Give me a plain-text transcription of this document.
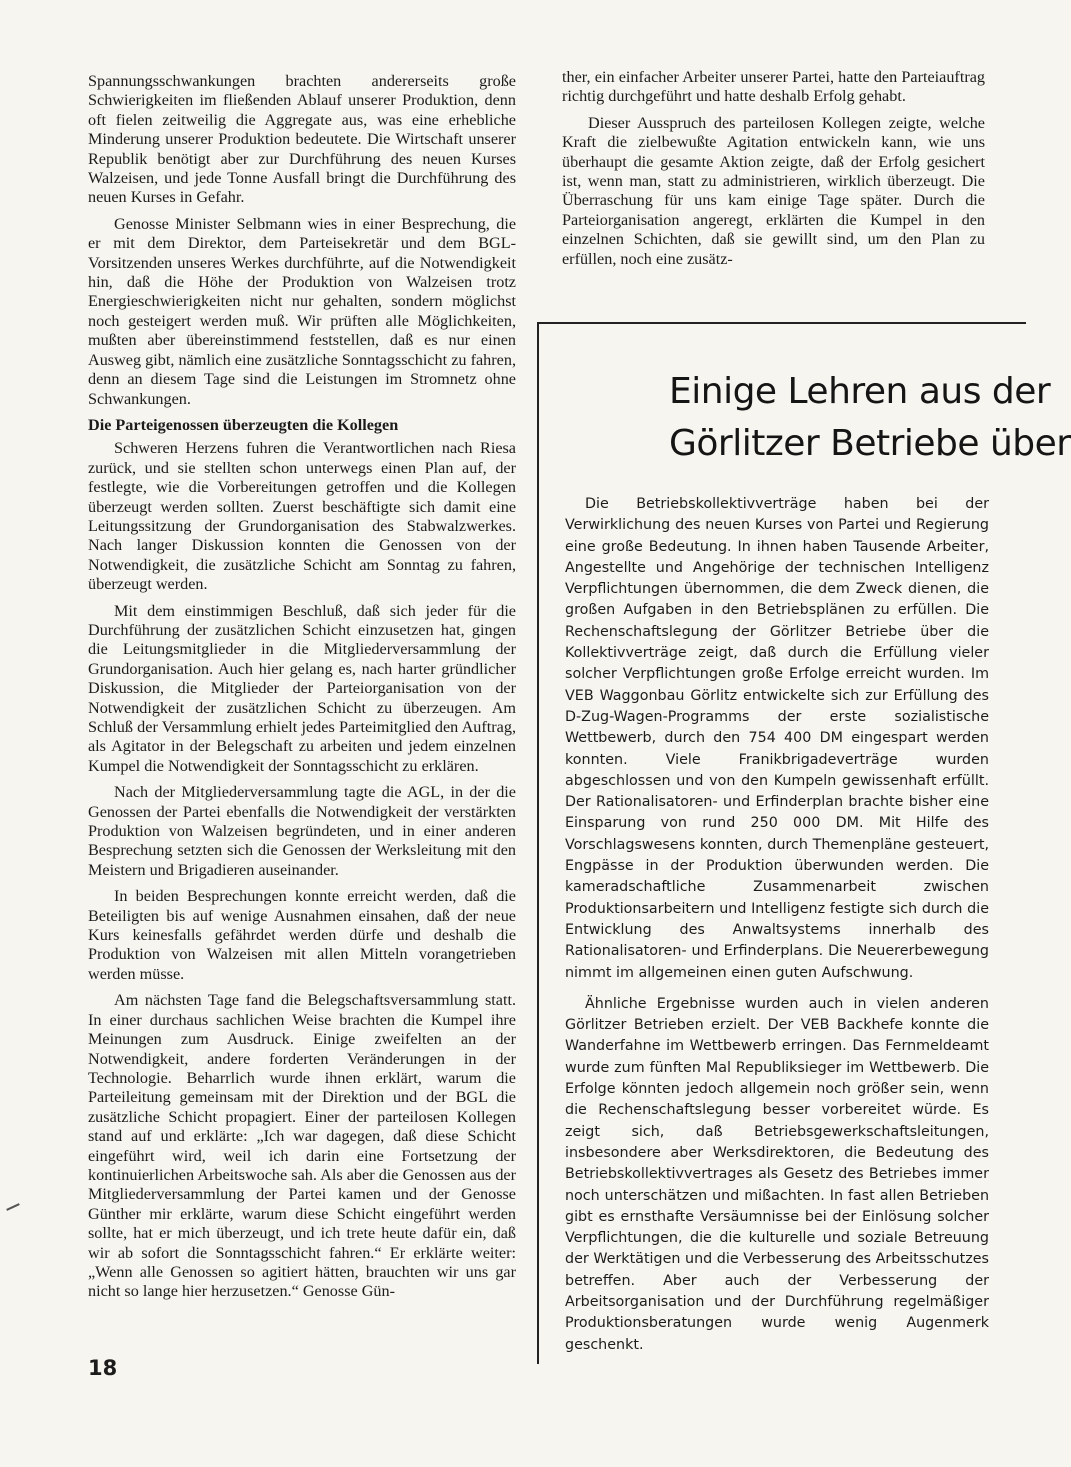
Spannungsschwankungen brachten andererseits große Schwierigkeiten im fließenden Ablauf unserer Produktion, denn oft fielen zeitweilig die Aggregate aus, was eine erhebliche Minderung unserer Produktion bedeutete. Die Wirtschaft unserer Republik benötigt aber zur Durchführung des neuen Kurses Walzeisen, und jede Tonne Ausfall bringt die Durchführung des neuen Kurses in Gefahr.

Genosse Minister Selbmann wies in einer Besprechung, die er mit dem Direktor, dem Parteisekretär und dem BGL-Vorsitzenden unseres Werkes durchführte, auf die Notwendigkeit hin, daß die Höhe der Produktion von Walzeisen trotz Energieschwierigkeiten nicht nur gehalten, sondern möglichst noch gesteigert werden muß. Wir prüften alle Möglichkeiten, mußten aber übereinstimmend feststellen, daß es nur einen Ausweg gibt, nämlich eine zusätzliche Sonntagsschicht zu fahren, denn an diesem Tage sind die Leistungen im Stromnetz ohne Schwankungen.

Die Parteigenossen überzeugten die Kollegen

Schweren Herzens fuhren die Verantwortlichen nach Riesa zurück, und sie stellten schon unterwegs einen Plan auf, der festlegte, wie die Vorbereitungen getroffen und die Kollegen überzeugt werden sollten. Zuerst beschäftigte sich damit eine Leitungssitzung der Grundorganisation des Stabwalzwerkes. Nach langer Diskussion konnten die Genossen von der Notwendigkeit, die zusätzliche Schicht am Sonntag zu fahren, überzeugt werden.

Mit dem einstimmigen Beschluß, daß sich jeder für die Durchführung der zusätzlichen Schicht einzusetzen hat, gingen die Leitungsmitglieder in die Mitgliederversammlung der Grundorganisation. Auch hier gelang es, nach harter gründlicher Diskussion, die Mitglieder der Parteiorganisation von der Notwendigkeit der zusätzlichen Schicht zu überzeugen. Am Schluß der Versammlung erhielt jedes Parteimitglied den Auftrag, als Agitator in der Belegschaft zu arbeiten und jedem einzelnen Kumpel die Notwendigkeit der Sonntagsschicht zu erklären.

Nach der Mitgliederversammlung tagte die AGL, in der die Genossen der Partei ebenfalls die Notwendigkeit der verstärkten Produktion von Walzeisen begründeten, und in einer anderen Besprechung setzten sich die Genossen der Werksleitung mit den Meistern und Brigadieren auseinander.

In beiden Besprechungen konnte erreicht werden, daß die Beteiligten bis auf wenige Ausnahmen einsahen, daß der neue Kurs keinesfalls gefährdet werden dürfe und deshalb die Produktion von Walzeisen mit allen Mitteln vorangetrieben werden müsse.

Am nächsten Tage fand die Belegschaftsversammlung statt. In einer durchaus sachlichen Weise brachten die Kumpel ihre Meinungen zum Ausdruck. Einige zweifelten an der Notwendigkeit, andere forderten Veränderungen in der Technologie. Beharrlich wurde ihnen erklärt, warum die Parteileitung gemeinsam mit der Direktion und der BGL die zusätzliche Schicht propagiert. Einer der parteilosen Kollegen stand auf und erklärte: „Ich war dagegen, daß diese Schicht eingeführt wird, weil ich darin eine Fortsetzung der kontinuierlichen Arbeitswoche sah. Als aber die Genossen aus der Mitgliederversammlung der Partei kamen und der Genosse Günther mir erklärte, warum diese Schicht eingeführt werden sollte, hat er mich überzeugt, und ich trete heute dafür ein, daß wir ab sofort die Sonntagsschicht fahren.“ Er erklärte weiter: „Wenn alle Genossen so agitiert hätten, brauchten wir uns gar nicht so lange hier herzusetzen.“ Genosse Gün-

ther, ein einfacher Arbeiter unserer Partei, hatte den Parteiauftrag richtig durchgeführt und hatte deshalb Erfolg gehabt.

Dieser Ausspruch des parteilosen Kollegen zeigte, welche Kraft die zielbewußte Agitation entwickeln kann, wie uns überhaupt die gesamte Aktion zeigte, daß der Erfolg gesichert ist, wenn man, statt zu administrieren, wirklich überzeugt. Die Überraschung für uns kam einige Tage später. Durch die Parteiorganisation angeregt, erklärten die Kumpel in den einzelnen Schichten, daß sie gewillt sind, um den Plan zu erfüllen, noch eine zusätz-

Einige Lehren aus der
Görlitzer Betriebe über

Die Betriebskollektivverträge haben bei der Verwirklichung des neuen Kurses von Partei und Regierung eine große Bedeutung. In ihnen haben Tausende Arbeiter, Angestellte und Angehörige der technischen Intelligenz Verpflichtungen übernommen, die dem Zweck dienen, die großen Aufgaben in den Betriebsplänen zu erfüllen. Die Rechenschaftslegung der Görlitzer Betriebe über die Kollektivverträge zeigt, daß durch die Erfüllung vieler solcher Verpflichtungen große Erfolge erreicht wurden. Im VEB Waggonbau Görlitz entwickelte sich zur Erfüllung des D-Zug-Wagen-Programms der erste sozialistische Wettbewerb, durch den 754 400 DM eingespart werden konnten. Viele Franikbrigadeverträge wurden abgeschlossen und von den Kumpeln gewissenhaft erfüllt. Der Rationalisatoren- und Erfinderplan brachte bisher eine Einsparung von rund 250 000 DM. Mit Hilfe des Vorschlagswesens konnten, durch Themenpläne gesteuert, Engpässe in der Produktion überwunden werden. Die kameradschaftliche Zusammenarbeit zwischen Produktionsarbeitern und Intelligenz festigte sich durch die Entwicklung des Anwaltsystems innerhalb des Rationalisatoren- und Erfinderplans. Die Neuererbewegung nimmt im allgemeinen einen guten Aufschwung.

Ähnliche Ergebnisse wurden auch in vielen anderen Görlitzer Betrieben erzielt. Der VEB Backhefe konnte die Wanderfahne im Wettbewerb erringen. Das Fernmeldeamt wurde zum fünften Mal Republiksieger im Wettbewerb. Die Erfolge könnten jedoch allgemein noch größer sein, wenn die Rechenschaftslegung besser vorbereitet würde. Es zeigt sich, daß Betriebsgewerkschaftsleitungen, insbesondere aber Werksdirektoren, die Bedeutung des Betriebskollektivvertrages als Gesetz des Betriebes immer noch unterschätzen und mißachten. In fast allen Betrieben gibt es ernsthafte Versäumnisse bei der Einlösung solcher Verpflichtungen, die die kulturelle und soziale Betreuung der Werktätigen und die Verbesserung des Arbeitsschutzes betreffen. Aber auch der Verbesserung der Arbeitsorganisation und der Durchführung regelmäßiger Produktionsberatungen wurde wenig Augenmerk geschenkt.

18
